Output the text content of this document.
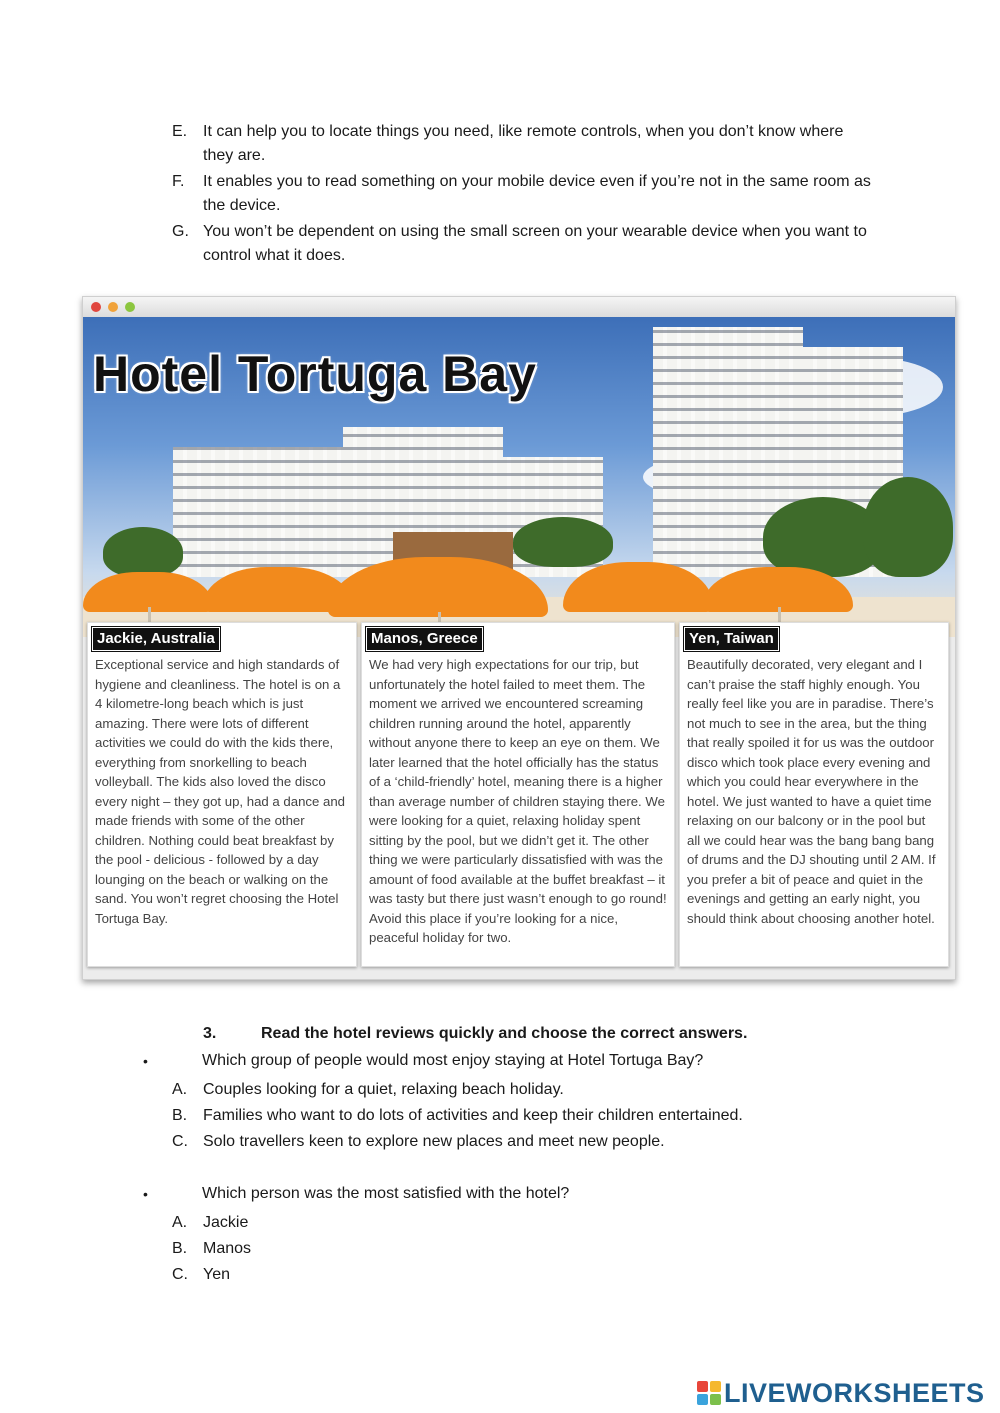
E. It can help you to locate things you need, like remote controls, when you don’t know where they are.
F.	It enables you to read something on your mobile device even if you’re not in the same room as the device.
G. You won’t be dependent on using the small screen on your wearable device when you want to control what it does.
Hotel Tortuga Bay
Jackie, Australia
Exceptional service and high standards of hygiene and cleanliness. The hotel is on a 4 kilometre-long beach which is just amazing. There were lots of different activities we could do with the kids there, everything from snorkelling to beach volleyball. The kids also loved the disco every night – they got up, had a dance and made friends with some of the other children. Nothing could beat breakfast by the pool - delicious - followed by a day lounging on the beach or walking on the sand. You won’t regret choosing the Hotel Tortuga Bay.
Manos, Greece
We had very high expectations for our trip, but unfortunately the hotel failed to meet them. The moment we arrived we encountered screaming children running around the hotel, apparently without anyone there to keep an eye on them. We later learned that the hotel officially has the status of a ‘child-friendly’ hotel, meaning there is a higher than average number of children staying there. We were looking for a quiet, relaxing holiday spent sitting by the pool, but we didn’t get it. The other thing we were particularly dissatisfied with was the amount of food available at the buffet breakfast – it was tasty but there just wasn’t enough to go round! Avoid this place if you’re looking for a nice, peaceful holiday for two.
Yen, Taiwan
Beautifully decorated, very elegant and I can’t praise the staff highly enough. You really feel like you are in paradise. There’s not much to see in the area, but the thing that really spoiled it for us was the outdoor disco which took place every evening and which you could hear everywhere in the hotel. We just wanted to have a quiet time relaxing on our balcony or in the pool but all we could hear was the bang bang bang of drums and the DJ shouting until 2 AM. If you prefer a bit of peace and quiet in the evenings and getting an early night, you should think about choosing another hotel.
3.	Read the hotel reviews quickly and choose the correct answers.
•	Which group of people would most enjoy staying at Hotel Tortuga Bay?
A. Couples looking for a quiet, relaxing beach holiday.
B. Families who want to do lots of activities and keep their children entertained.
C. Solo travellers keen to explore new places and meet new people.
•	Which person was the most satisfied with the hotel?
A. Jackie
B. Manos
C. Yen
LIVEWORKSHEETS
